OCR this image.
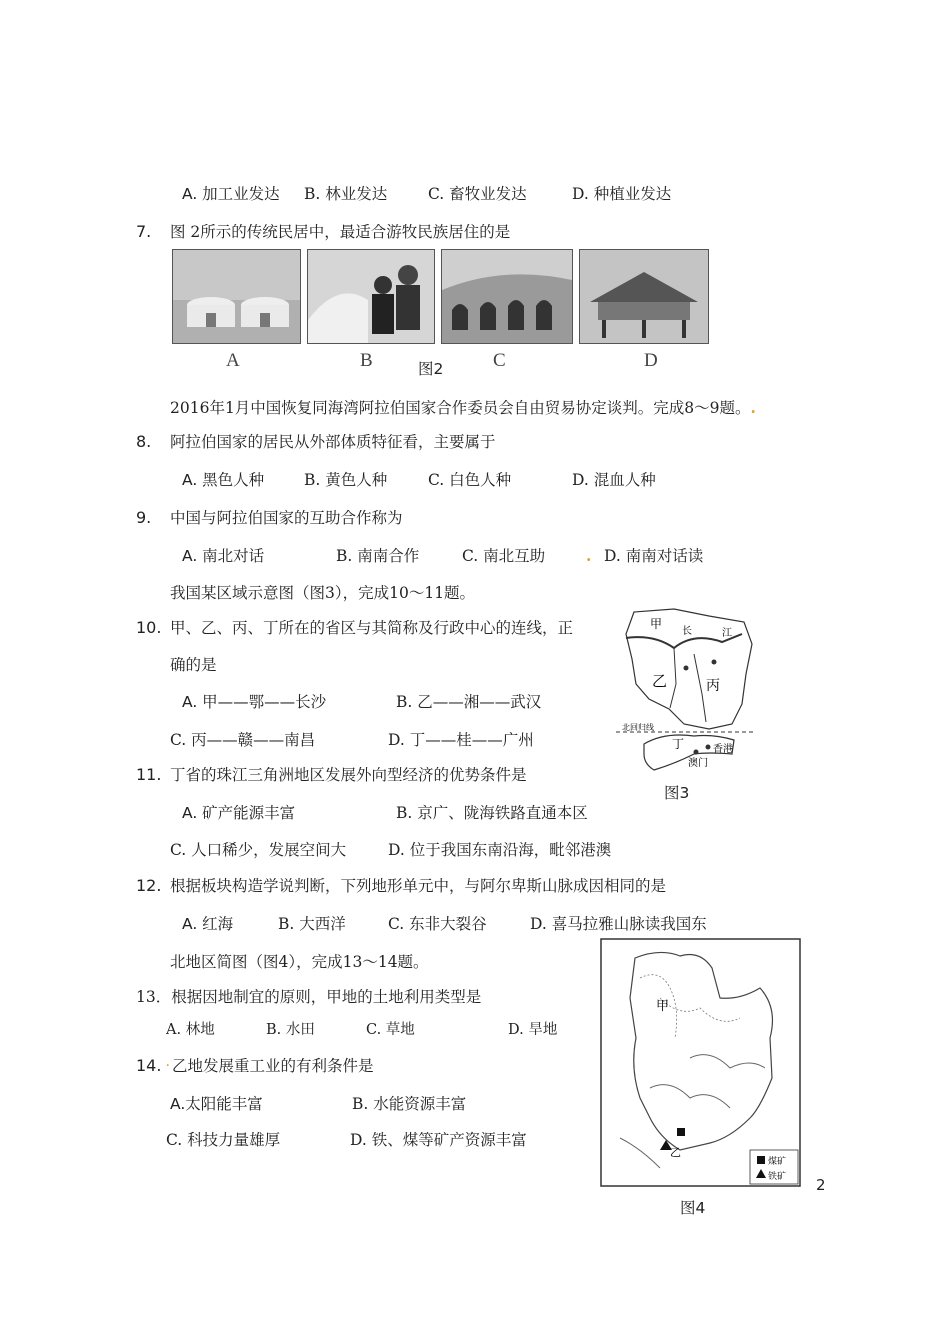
A. 加工业发达 B. 林业发达	C. 畜牧业发达	D. 种植业发达
7. 图 2所示的传统民居中，最适合游牧民族居住的是
A	B	C	D
图2
2016年1月中国恢复同海湾阿拉伯国家合作委员会自由贸易协定谈判。完成8～9题。.
8. 阿拉伯国家的居民从外部体质特征看，主要属于
A. 黑色人种	B. 黄色人种	C. 白色人种	D. 混血人种
9. 中国与阿拉伯国家的互助合作称为
A. 南北对话	B. 南南合作	C. 南北互助	. D. 南南对话读
我国某区域示意图（图3），完成10～11题。
10. 甲、乙、丙、丁所在的省区与其简称及行政中心的连线，正
确的是
A. 甲——鄂——长沙	B. 乙——湘——武汉
C. 丙——赣——南昌	D. 丁——桂——广州
甲
长	江
乙	丙
北回归线
丁	香港
澳门
图3
11. 丁省的珠江三角洲地区发展外向型经济的优势条件是
A. 矿产能源丰富	B. 京广、陇海铁路直通本区
C. 人口稀少，发展空间大	D. 位于我国东南沿海，毗邻港澳
12. 根据板块构造学说判断，下列地形单元中，与阿尔卑斯山脉成因相同的是
A. 红海	B. 大西洋	C. 东非大裂谷	D. 喜马拉雅山脉读我国东
北地区简图（图4），完成13～14题。
13．根据因地制宜的原则，甲地的土地利用类型是
A. 林地	B. 水田	C. 草地	D. 旱地
14. . 乙地发展重工业的有利条件是
A.太阳能丰富	B. 水能资源丰富
C. 科技力量雄厚	D. 铁、煤等矿产资源丰富
甲
乙
煤矿
铁矿
图4
2
